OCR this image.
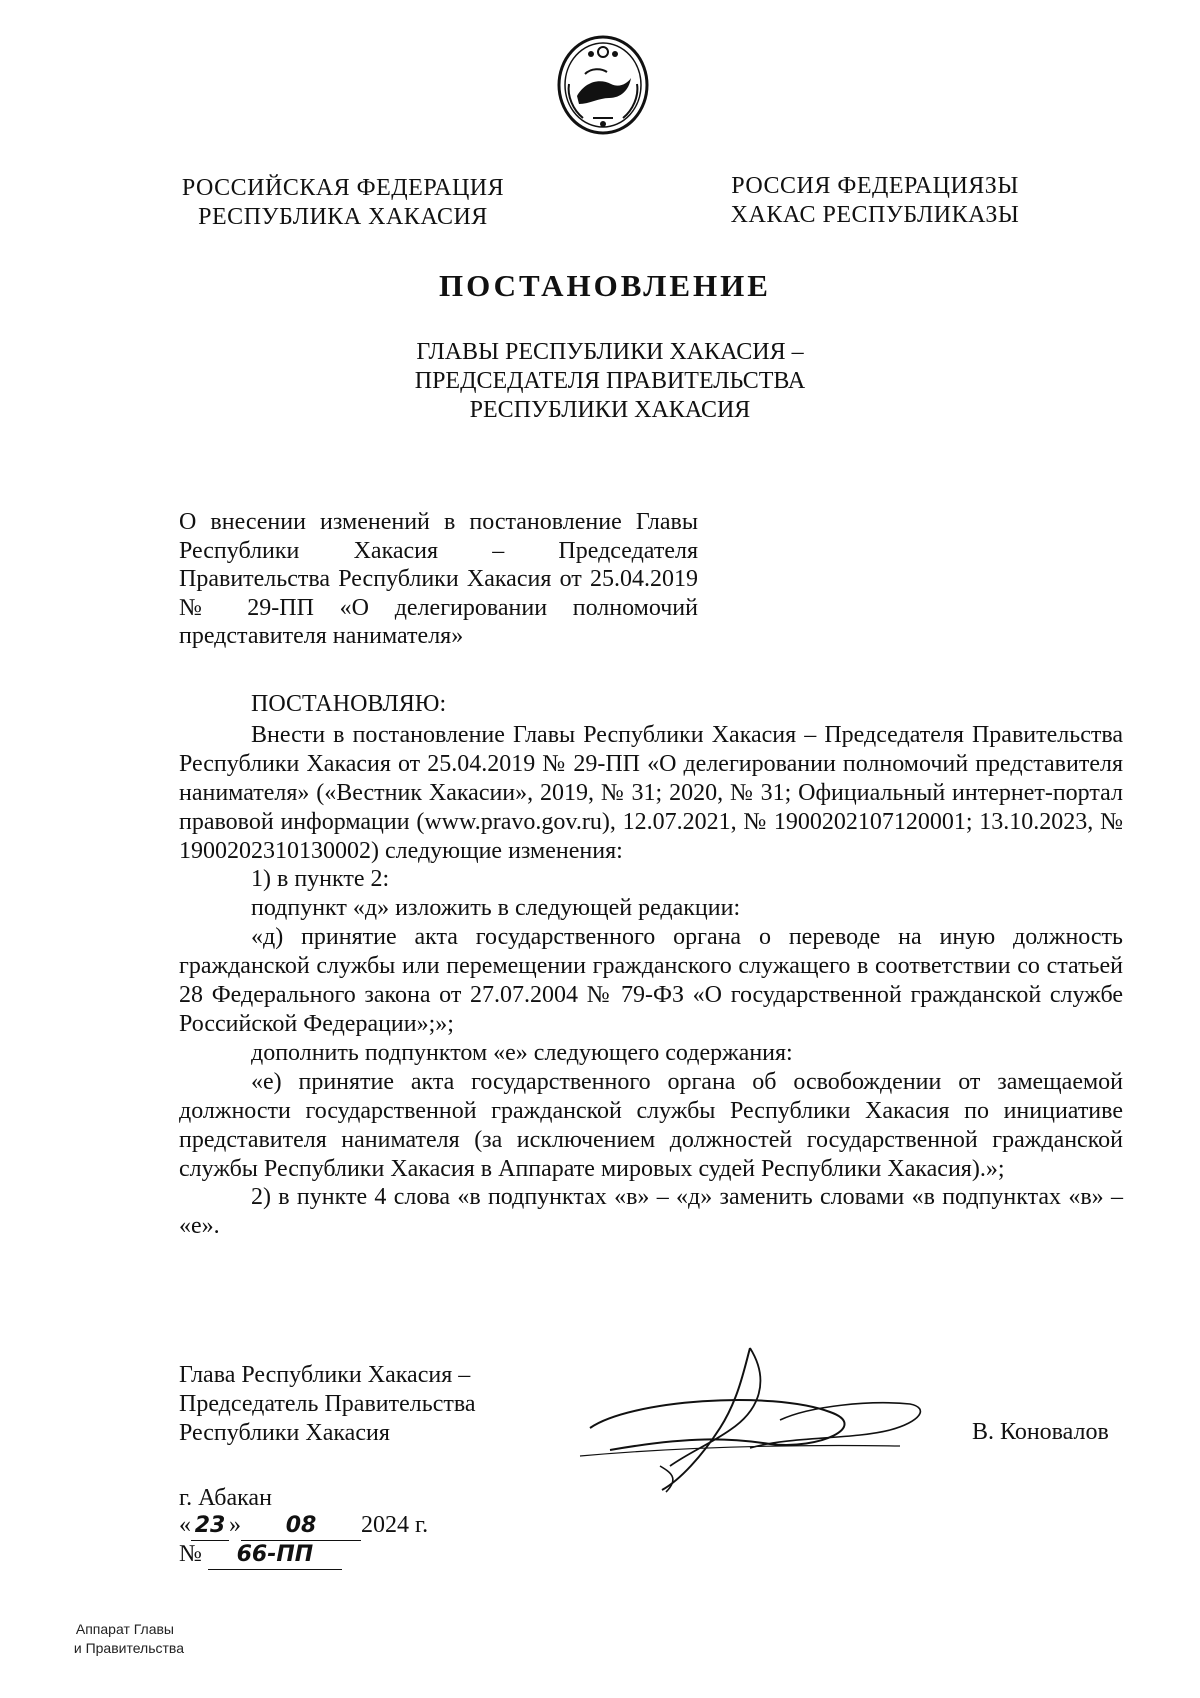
РОССИЙСКАЯ ФЕДЕРАЦИЯ
РЕСПУБЛИКА ХАКАСИЯ
РОССИЯ ФЕДЕРАЦИЯЗЫ
ХАКАС РЕСПУБЛИКАЗЫ
ПОСТАНОВЛЕНИЕ
ГЛАВЫ РЕСПУБЛИКИ ХАКАСИЯ –
ПРЕДСЕДАТЕЛЯ ПРАВИТЕЛЬСТВА
РЕСПУБЛИКИ ХАКАСИЯ
О внесении изменений в постановление Главы Республики Хакасия – Председателя Правительства Республики Хакасия от 25.04.2019 № 29-ПП «О делегировании полномочий представителя нанимателя»
ПОСТАНОВЛЯЮ:

Внести в постановление Главы Республики Хакасия – Председателя Правительства Республики Хакасия от 25.04.2019 № 29-ПП «О делегировании полномочий представителя нанимателя» («Вестник Хакасии», 2019, № 31; 2020, № 31; Официальный интернет-портал правовой информации (www.pravo.gov.ru), 12.07.2021, № 1900202107120001; 13.10.2023, № 1900202310130002) следующие изменения:

1) в пункте 2:

подпункт «д» изложить в следующей редакции:

«д) принятие акта государственного органа о переводе на иную должность гражданской службы или перемещении гражданского служащего в соответствии со статьей 28 Федерального закона от 27.07.2004 № 79-ФЗ «О государственной гражданской службе Российской Федерации»;»;

дополнить подпунктом «е» следующего содержания:

«е) принятие акта государственного органа об освобождении от замещаемой должности государственной гражданской службы Республики Хакасия по инициативе представителя нанимателя (за исключением должностей государственной гражданской службы Республики Хакасия в Аппарате мировых судей Республики Хакасия).»;

2) в пункте 4 слова «в подпунктах «в» – «д» заменить словами «в подпунктах «в» – «е».

Глава Республики Хакасия –
Председатель Правительства
Республики Хакасия	В. Коновалов
г. Абакан
« 23 » 08 2024 г.
№ 66-ПП
Аппарат Главы
и Правительства
